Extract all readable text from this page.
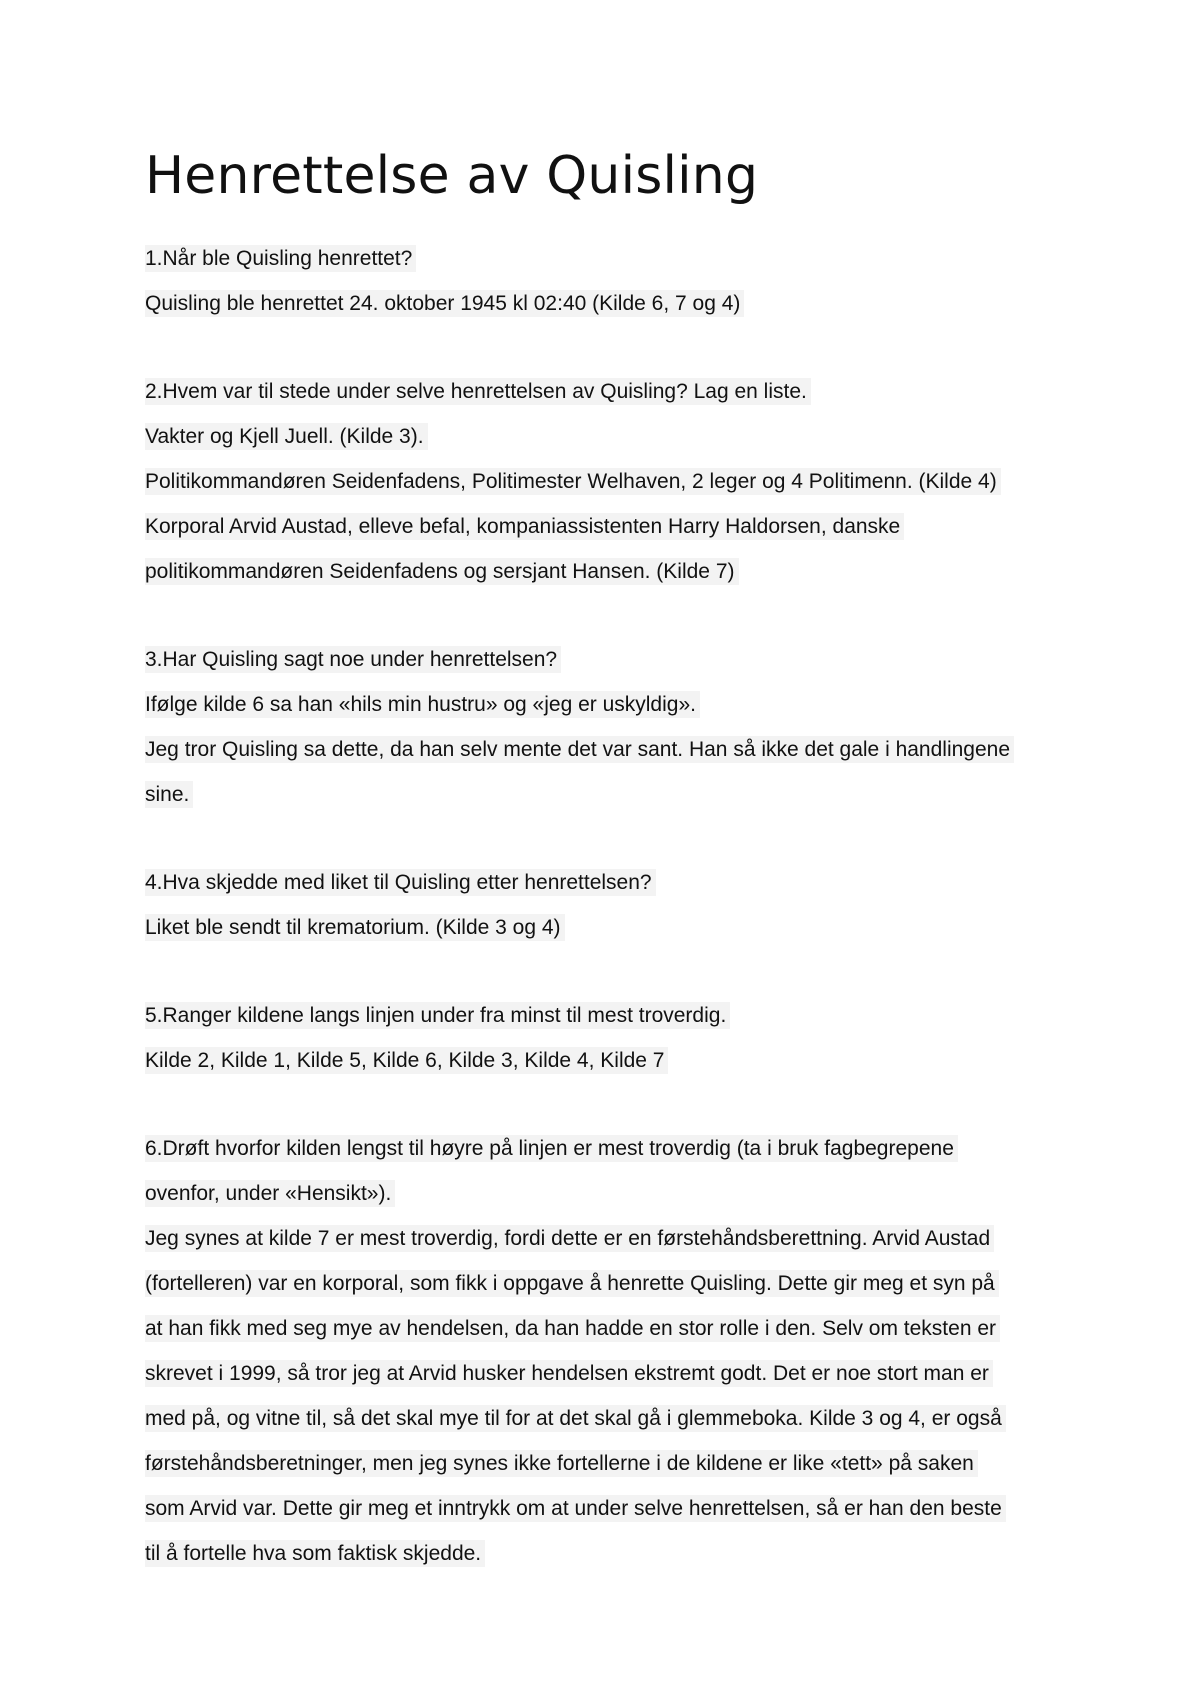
Henrettelse av Quisling
1.Når ble Quisling henrettet?
Quisling ble henrettet 24. oktober 1945 kl 02:40 (Kilde 6, 7 og 4)
2.Hvem var til stede under selve henrettelsen av Quisling? Lag en liste.
Vakter og Kjell Juell. (Kilde 3).
Politikommandøren Seidenfadens, Politimester Welhaven, 2 leger og 4 Politimenn. (Kilde 4)
Korporal Arvid Austad, elleve befal, kompaniassistenten Harry Haldorsen, danske
politikommandøren Seidenfadens og sersjant Hansen. (Kilde 7)
3.Har Quisling sagt noe under henrettelsen?
Ifølge kilde 6 sa han «hils min hustru» og «jeg er uskyldig».
Jeg tror Quisling sa dette, da han selv mente det var sant. Han så ikke det gale i handlingene
sine.
4.Hva skjedde med liket til Quisling etter henrettelsen?
Liket ble sendt til krematorium. (Kilde 3 og 4)
5.Ranger kildene langs linjen under fra minst til mest troverdig.
Kilde 2, Kilde 1, Kilde 5, Kilde 6, Kilde 3, Kilde 4, Kilde 7
6.Drøft hvorfor kilden lengst til høyre på linjen er mest troverdig (ta i bruk fagbegrepene
ovenfor, under «Hensikt»).
Jeg synes at kilde 7 er mest troverdig, fordi dette er en førstehåndsberettning. Arvid Austad
(fortelleren) var en korporal, som fikk i oppgave å henrette Quisling. Dette gir meg et syn på
at han fikk med seg mye av hendelsen, da han hadde en stor rolle i den. Selv om teksten er
skrevet i 1999, så tror jeg at Arvid husker hendelsen ekstremt godt. Det er noe stort man er
med på, og vitne til, så det skal mye til for at det skal gå i glemmeboka. Kilde 3 og 4, er også
førstehåndsberetninger, men jeg synes ikke fortellerne i de kildene er like «tett» på saken
som Arvid var. Dette gir meg et inntrykk om at under selve henrettelsen, så er han den beste
til å fortelle hva som faktisk skjedde.
